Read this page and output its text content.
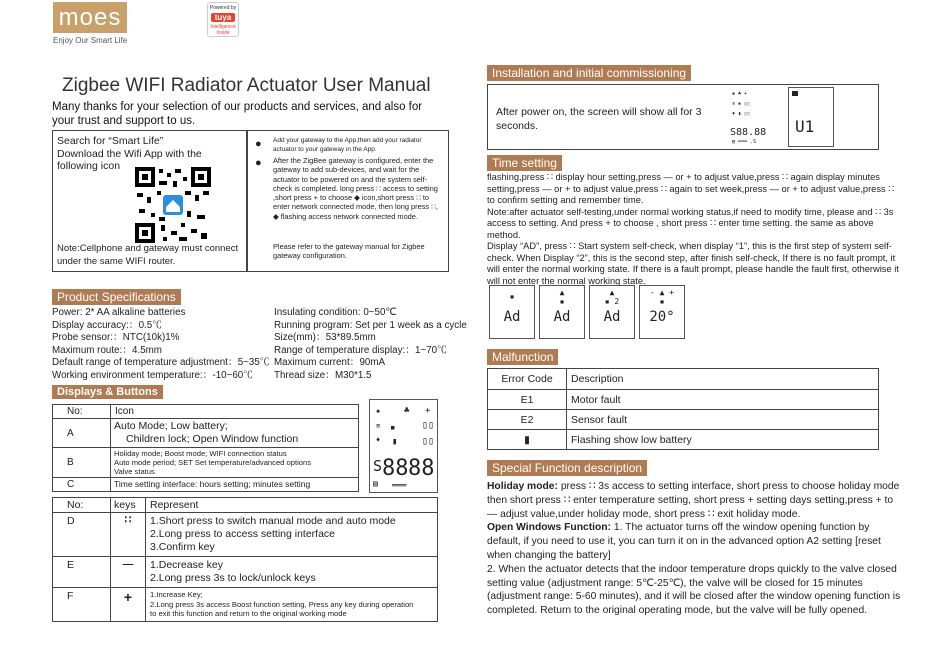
moes
Enjoy Our Smart Life
Powered by
tuya
Intelligence Inside
Zigbee WIFI Radiator Actuator User Manual
Many thanks for your selection of our products and services, and also for your trust and support to us.
Search for “Smart Life”
Download the Wifi App with the following icon
Note:Cellphone and gateway must connect under the same WIFI router.
● Add your gateway to the App,then add your radiator actuator to your gateway in the App.
● After the ZigBee gateway is configured, enter the gateway to add sub-devices, and wait for the actuator to be powered on and the system self-check is completed. long press ∷ access to setting ,short press + to choose ◆ icon,short press ∷ to enter network connected mode, then long press ∷, ◆ flashing access network connected mode.
Please refer to the gateway manual for Zigbee gateway configuration.
Product Specifications
Power: 2* AA alkaline batteries
Display accuracy:：0.5℃
Probe sensor:：NTC(10k)1%
Maximum route:：4.5mm
Default range of temperature adjustment：5~35℃
Working environment temperature:：-10~60℃
Insulating condition: 0~50℃
Running program: Set per 1 week as a cycle
Size(mm)：53*89.5mm
Range of temperature display:：1~70℃
Maximum current：90mA
Thread size：M30*1.5
Displays & Buttons
No:	Icon
A	Auto Mode; Low battery;
Children lock; Open Window function

B	Holiday mode; Boost mode; WIFI connection status
Auto mode period; SET Set temperature/advanced options
Valve status

C	Time setting interface: hours setting; minutes setting
▪	♣ +
≋ ▪	▯▯
♦ ▮ ▯▯
S 88 88
▤ ═══
No:	keys	Represent
D	∷	1.Short press to switch manual mode and auto mode
2.Long press to access setting interface
3.Confirm key

E	—	1.Decrease key
2.Long press 3s to lock/unlock keys

F	+	1.Increase Key;
2.Long press 3s access Boost function setting, Press any key during operation
to exit this function and return to the original working mode
Installation and initial commissioning
After power on, the screen will show all for 3 seconds.
▪ ♣ +
≋ ▪ ▯▯
♦ ▮ ▯▯
S88.88
▤ ═══ .S
U1
Time setting
flashing,press ∷ display hour setting,press — or + to adjust value,press ∷ again display minutes setting,press — or + to adjust value,press ∷ again to set week,press — or + to adjust value,press ∷ to confirm setting and remember time.
Note:after actuator self-testing,under normal working status,if need to modify time, please and ∷ 3s access to setting. And press + to choose , short press ∷ enter time setting. the same as above method.
Display “AD”, press ∷ Start system self-check, when display “1”, this is the first step of system self-check. When Display “2”, this is the second step, after finish self-check, If there is no fault prompt, it will enter the normal working state. If there is a fault prompt, please handle the fault first, otherwise it will not enter the normal working state.
▪
Ad
▲
▪
Ad
▲
▪ 2
Ad
- ▲ +
▪
20°
Malfunction
Error Code	Description
E1	Motor fault
E2	Sensor fault
▮	Flashing show low battery
Special Function description
Holiday mode: press ∷ 3s access to setting interface, short press to choose holiday mode then short press ∷ enter temperature setting, short press + setting days setting,press + to — adjust value,under holiday mode, short press ∷ exit holiday mode.
Open Windows Function: 1. The actuator turns off the window opening function by default, if you need to use it, you can turn it on in the advanced option A2 setting [reset when changing the battery]
2. When the actuator detects that the indoor temperature drops quickly to the valve closed setting value (adjustment range: 5℃-25℃), the valve will be closed for 15 minutes (adjustment range: 5-60 minutes), and it will be closed after the window opening function is completed. Return to the original operating mode, but the valve will be fully opened.
